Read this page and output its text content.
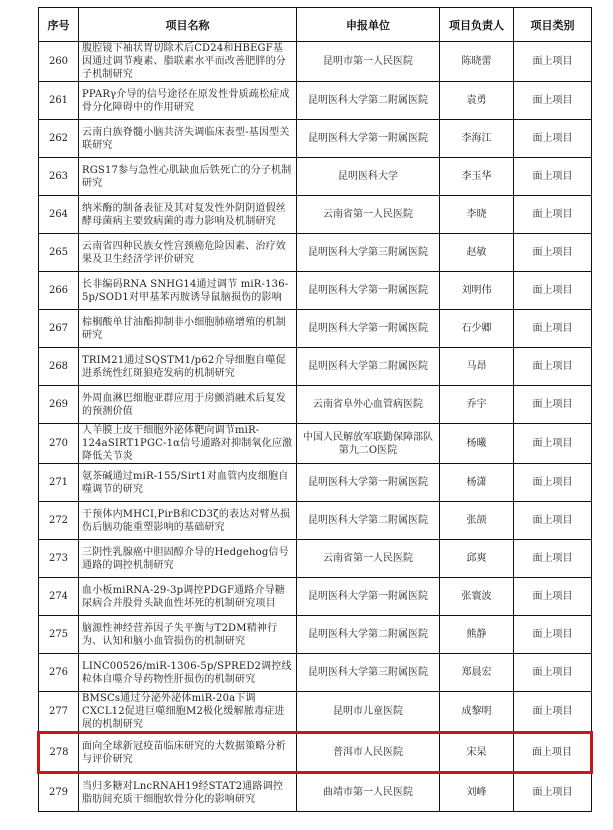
序号	项目名称	申报单位	项目负责人	项目类别
260	腹腔镜下袖状胃切除术后CD24和HBEGF基因通过调节瘦素、脂联素水平而改善肥胖的分子机制研究	昆明市第一人民医院	陈晓蕾	面上项目
261	PPARγ介导的信号途径在原发性骨质疏松症成骨分化障碍中的作用研究	昆明医科大学第二附属医院	袁勇	面上项目
262	云南白族脊髓小脑共济失调临床表型-基因型关联研究	昆明医科大学第一附属医院	李海江	面上项目
263	RGS17参与急性心肌缺血后铁死亡的分子机制研究	昆明医科大学	李玉华	面上项目
264	纳米酶的制备表征及其对复发性外阴阴道假丝酵母菌病主要致病菌的毒力影响及机制研究	云南省第一人民医院	李晓	面上项目
265	云南省四种民族女性宫颈癌危险因素、治疗效果及卫生经济学评价研究	昆明医科大学第三附属医院	赵敏	面上项目
266	长非编码RNA SNHG14通过调节 miR-136-5p/SOD1对甲基苯丙胺诱导鼠脑损伤的影响	昆明医科大学第一附属医院	刘明伟	面上项目
267	棕榈酸单甘油酯抑制非小细胞肺癌增殖的机制研究	昆明医科大学第一附属医院	石少卿	面上项目
268	TRIM21通过SQSTM1/p62介导细胞自噬促进系统性红斑狼疮发病的机制研究	昆明医科大学第二附属医院	马昂	面上项目
269	外周血淋巴细胞亚群应用于房颤消融术后复发的预测价值	云南省阜外心血管病医院	乔宇	面上项目
270	人羊膜上皮干细胞外泌体靶向调节miR-124aSIRT1PGC-1α信号通路对抑制氧化应激降低关节炎	中国人民解放军联勤保障部队第九二O医院	杨曦	面上项目
271	氨茶碱通过miR-155/Sirt1对血管内皮细胞自噬调节的研究	昆明医科大学第一附属医院	杨潇	面上项目
272	干预体内MHCI,PirB和CD3ζ的表达对臂丛损伤后脑功能重塑影响的基础研究	昆明医科大学第二附属医院	张颉	面上项目
273	三阴性乳腺癌中胆固醇介导的Hedgehog信号通路的调控机制研究	云南省第一人民医院	邱爽	面上项目
274	血小板miRNA-29-3p调控PDGF通路介导糖尿病合并股骨头缺血性坏死的机制研究项目	昆明医科大学第一附属医院	张寰波	面上项目
275	脑源性神经营养因子失平衡与T2DM精神行为、认知和脑小血管损伤的机制研究	昆明医科大学第二附属医院	熊静	面上项目
276	LINC00526/miR-1306-5p/SPRED2调控线粒体自噬介导药物性肝损伤的机制研究	昆明医科大学第三附属医院	郑晨宏	面上项目
277	BMSCs通过分泌外泌体miR-20a下调CXCL12促进巨噬细胞M2极化缓解脓毒症进展的机制研究	昆明市儿童医院	成黎明	面上项目
278	面向全球新冠疫苗临床研究的大数据策略分析与评价研究	普洱市人民医院	宋杲	面上项目
279	当归多糖对LncRNAH19经STAT2通路调控脂肪间充质干细胞软骨分化的影响研究	曲靖市第一人民医院	刘峰	面上项目
